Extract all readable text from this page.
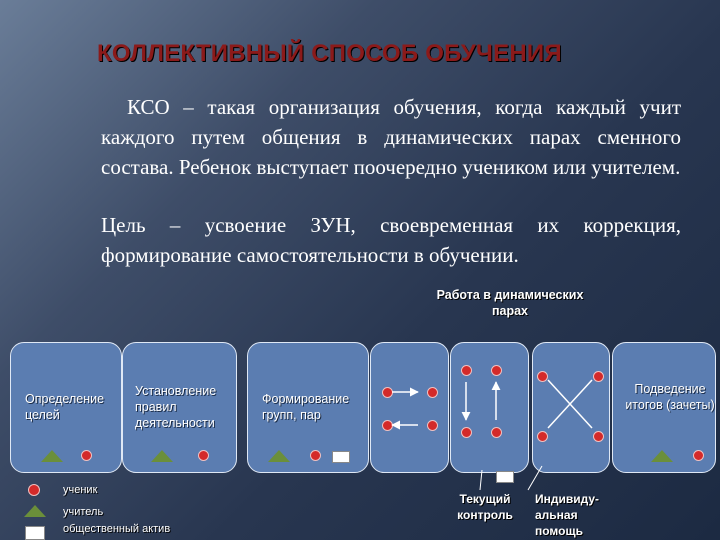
КОЛЛЕКТИВНЫЙ СПОСОБ ОБУЧЕНИЯ
КСО – такая организация обучения, когда каждый учит каждого путем общения в динамических парах сменного состава. Ребенок выступает поочередно учеником или учителем.
Цель – усвоение ЗУН, своевременная их коррекция, формирование самостоятельности в обучении.
Работа в динамических парах
Определение целей
Установление правил деятельности
Формирование групп, пар
Подведение итогов (зачеты)
ученик
учитель
общественный актив
Текущий контроль
Индивиду-альная помощь
